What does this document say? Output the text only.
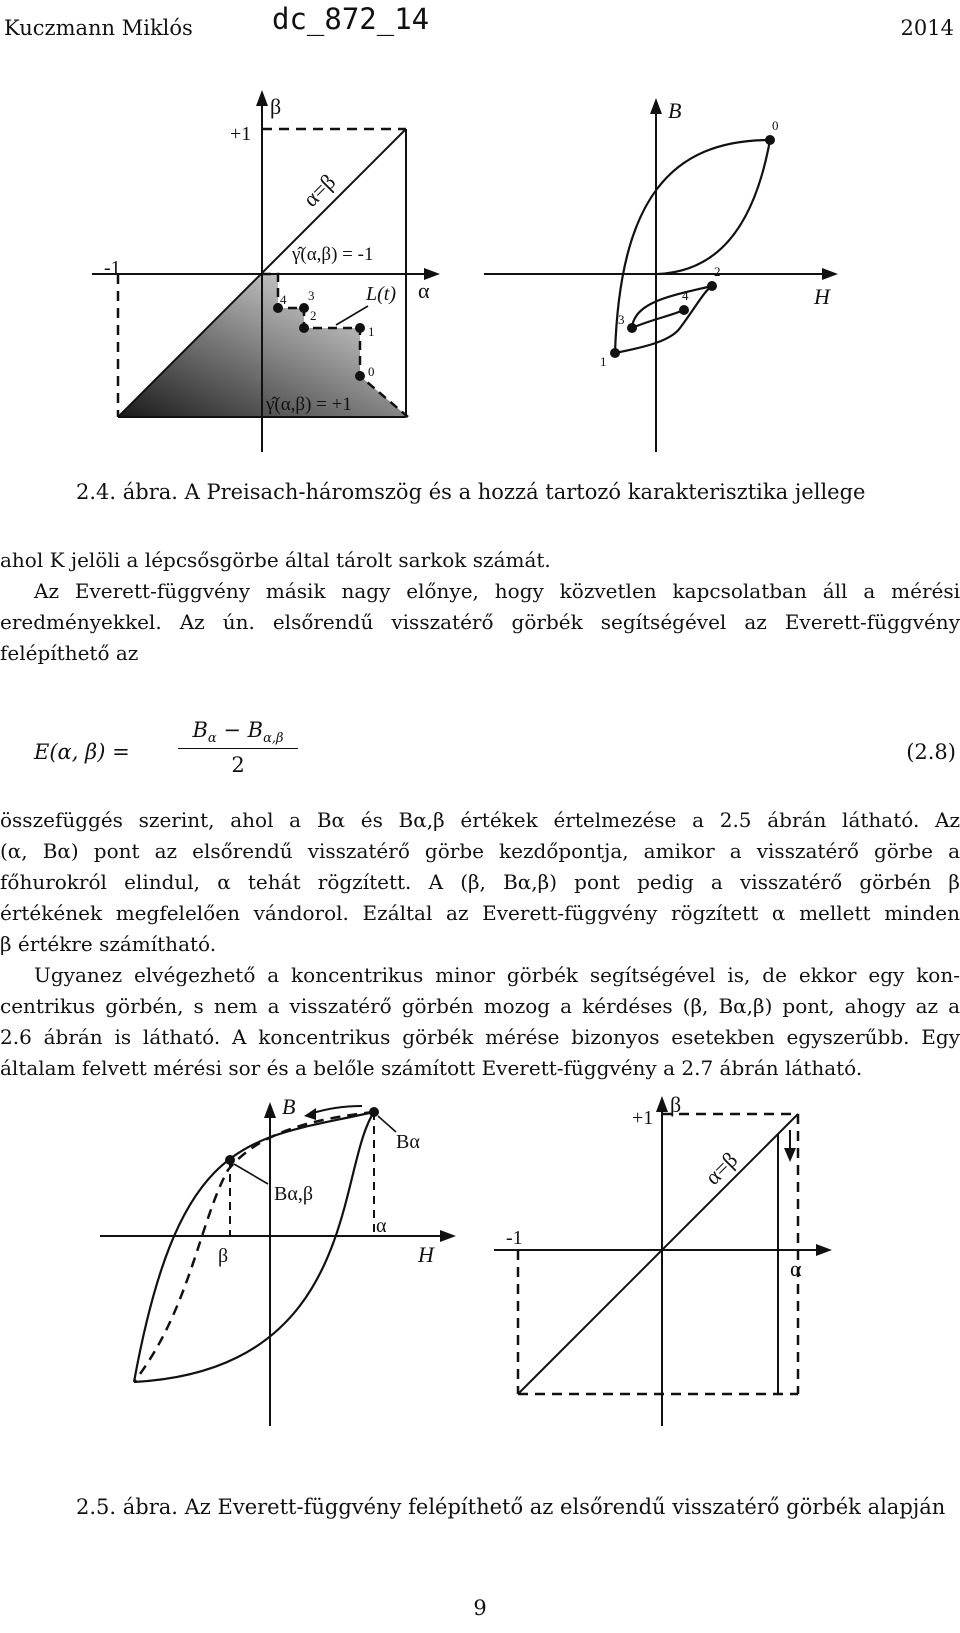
Kuczmann Miklós	dc_872_14	2014
β
+1
-1
α
α=β
γ̂(α,β) = -1
γ̂(α,β) = +1
L(t)
4 3
2
1
0
B
H
0
1
2
3
4
2.4. ábra. A Preisach-háromszög és a hozzá tartozó karakterisztika jellege
ahol K jelöli a lépcsősgörbe által tárolt sarkok számát.
Az Everett-függvény másik nagy előnye, hogy közvetlen kapcsolatban áll a mérési
eredményekkel. Az ún. elsőrendű visszatérő görbék segítségével az Everett-függvény
felépíthető az
E(α, $\beta) = \frac{B_\alpha - B_{\alpha,\beta}}{2}$	(2.8)
összefüggés szerint, ahol a Bα és Bα,β értékek értelmezése a 2.5 ábrán látható. Az
(α, Bα) pont az elsőrendű visszatérő görbe kezdőpontja, amikor a visszatérő görbe a
főhurokról elindul, α tehát rögzített. A (β, Bα,β) pont pedig a visszatérő görbén β
értékének megfelelően vándorol. Ezáltal az Everett-függvény rögzített α mellett minden
β értékre számítható.
Ugyanez elvégezhető a koncentrikus minor görbék segítségével is, de ekkor egy kon-
centrikus görbén, s nem a visszatérő görbén mozog a kérdéses (β, Bα,β) pont, ahogy az a
2.6 ábrán is látható. A koncentrikus görbék mérése bizonyos esetekben egyszerűbb. Egy
általam felvett mérési sor és a belőle számított Everett-függvény a 2.7 ábrán látható.
B
H
Bα
Bα,β
α
β
β
+1
-1
α
α=β
2.5. ábra. Az Everett-függvény felépíthető az elsőrendű visszatérő görbék alapján
9
